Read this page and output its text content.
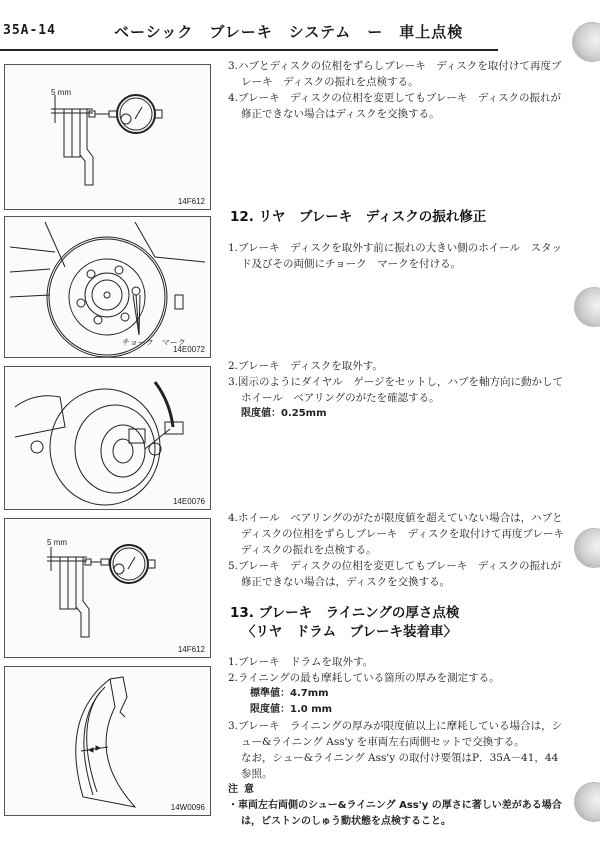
35A-14	ベーシック　ブレーキ　システム　ー　車上点検
5 mm
14F612
チョーク　マーク
14E0072
14E0076
5 mm
14F612
14W0096
3.ハブとディスクの位相をずらしブレーキ　ディスクを取付けて再度ブレーキ　ディスクの振れを点検する。
4.ブレーキ　ディスクの位相を変更してもブレーキ　ディスクの振れが修正できない場合はディスクを交換する。
12. リヤ　ブレーキ　ディスクの振れ修正
1.ブレーキ　ディスクを取外す前に振れの大きい側のホイール　スタッド及びその両側にチョーク　マークを付ける。
2.ブレーキ　ディスクを取外す。
3.図示のようにダイヤル　ゲージをセットし，ハブを軸方向に動かしてホイール　ベアリングのがたを確認する。
限度値：0.25mm
4.ホイール　ベアリングのがたが限度値を超えていない場合は，ハブとディスクの位相をずらしブレーキ　ディスクを取付けて再度ブレーキ　ディスクの振れを点検する。
5.ブレーキ　ディスクの位相を変更してもブレーキ　ディスクの振れが修正できない場合は，ディスクを交換する。
13. ブレーキ　ライニングの厚さ点検
〈リヤ　ドラム　ブレーキ装着車〉
1.ブレーキ　ドラムを取外す。
2.ライニングの最も摩耗している箇所の厚みを測定する。
標準値：4.7mm
限度値：1.0 mm
3.ブレーキ　ライニングの厚みが限度値以上に摩耗している場合は，シュー&ライニング Ass'y を車両左右両側セットで交換する。
なお，シュー&ライニング Ass'y の取付け要領はP．35A－41，44参照。
注意
・車両左右両側のシュー&ライニング Ass'y の厚さに著しい差がある場合は，ピストンのしゅう動状態を点検すること。
